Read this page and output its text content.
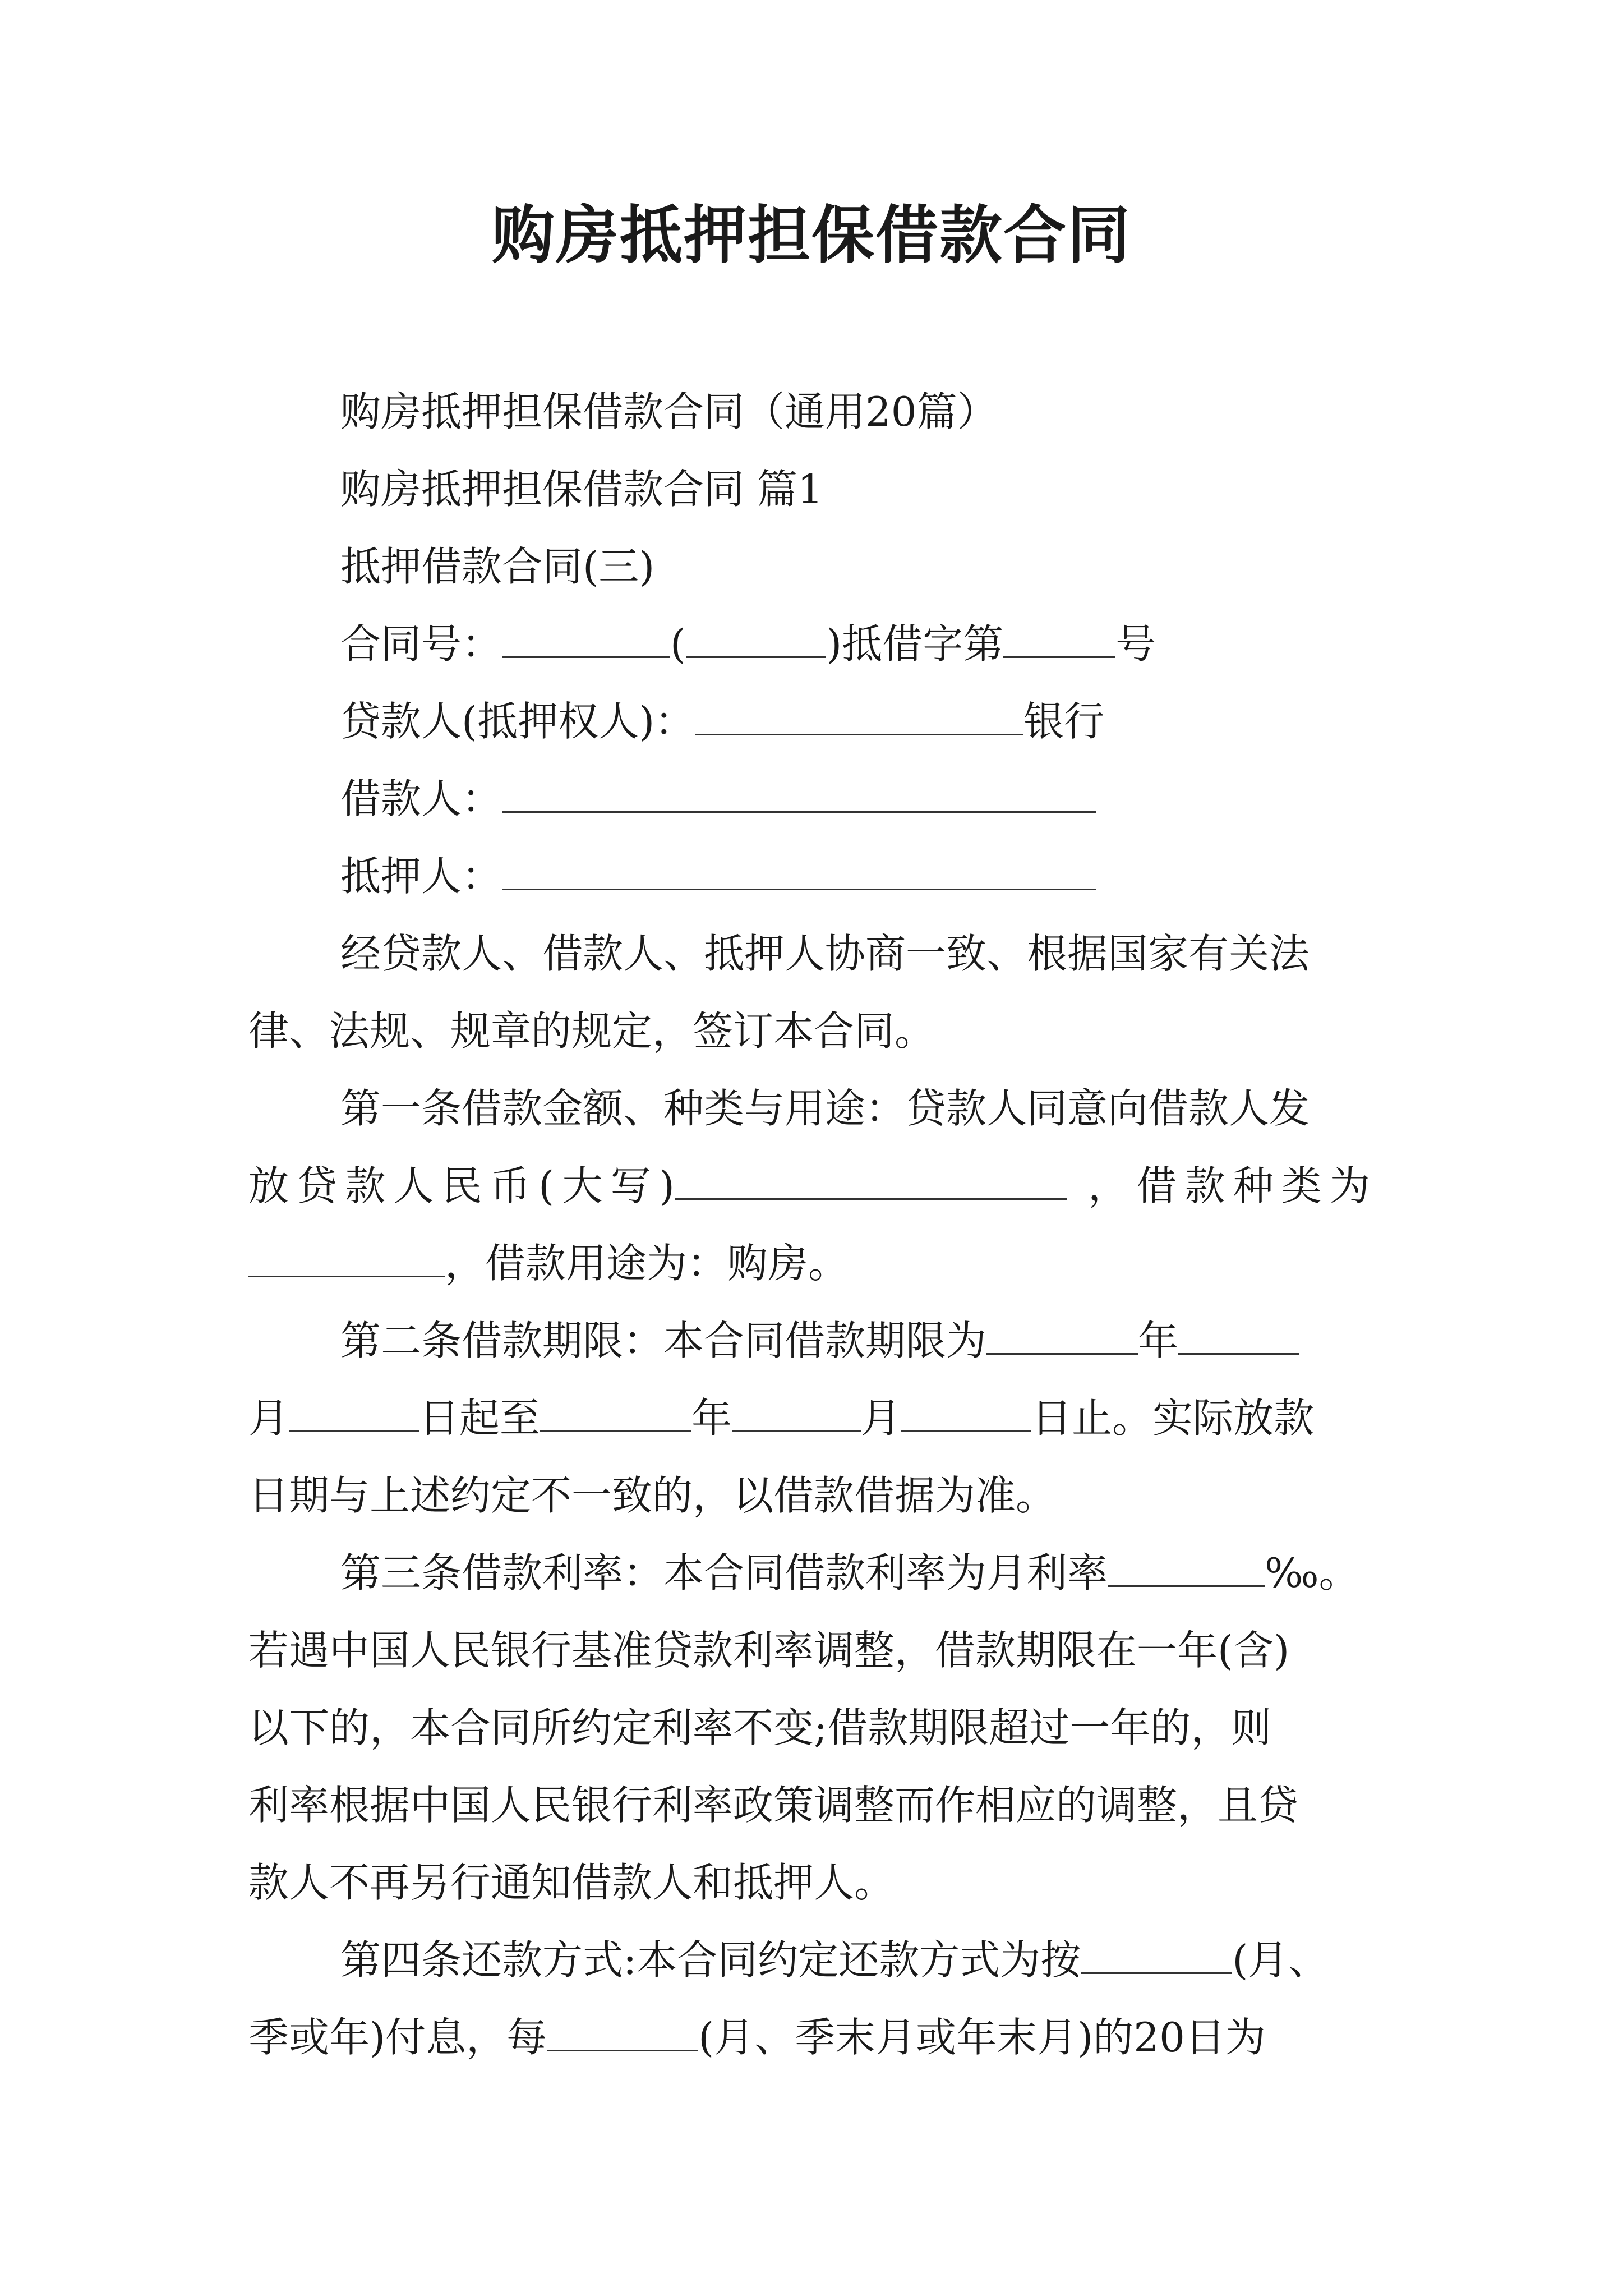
购房抵押担保借款合同
购房抵押担保借款合同（通用20篇）
购房抵押担保借款合同 篇1
抵押借款合同(三)
合同号：	(	)抵借字第	号
贷款人(抵押权人)：	银行
借款人：
抵押人：
经贷款人、借款人、抵押人协商一致、根据国家有关法
律、法规、规章的规定，签订本合同。
第一条借款金额、种类与用途：贷款人同意向借款人发
放贷款人民币(大写)	，借款种类为
，借款用途为：购房。
第二条借款期限：本合同借款期限为	年
月	日起至	年	月	日止。实际放款
日期与上述约定不一致的，以借款借据为准。
第三条借款利率：本合同借款利率为月利率	‰。
若遇中国人民银行基准贷款利率调整，借款期限在一年(含)
以下的，本合同所约定利率不变;借款期限超过一年的，则
利率根据中国人民银行利率政策调整而作相应的调整，且贷
款人不再另行通知借款人和抵押人。
第四条还款方式:本合同约定还款方式为按	(月、
季或年)付息，每	(月、季末月或年末月)的20日为
